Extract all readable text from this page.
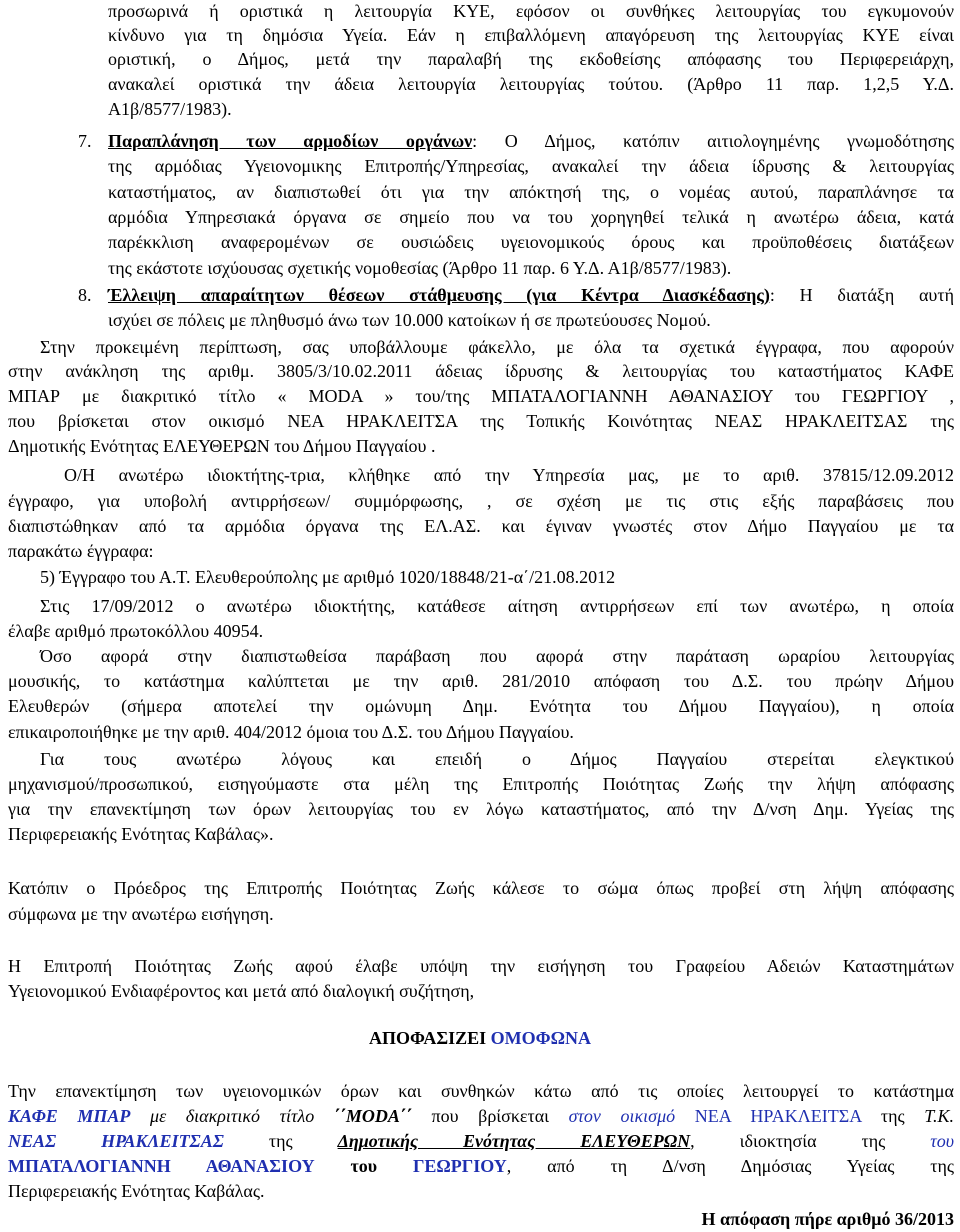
προσωρινά ή οριστικά η λειτουργία ΚΥΕ, εφόσον οι συνθήκες λειτουργίας του εγκυμονούν
κίνδυνο για τη δημόσια Υγεία. Εάν η επιβαλλόμενη απαγόρευση της λειτουργίας ΚΥΕ είναι
οριστική, ο Δήμος, μετά την παραλαβή της εκδοθείσης απόφασης του Περιφερειάρχη,
ανακαλεί οριστικά την άδεια λειτουργία λειτουργίας τούτου. (Άρθρο 11 παρ. 1,2,5 Υ.Δ.
Α1β/8577/1983).
7. Παραπλάνηση των αρμοδίων οργάνων: Ο Δήμος, κατόπιν αιτιολογημένης γνωμοδότησης
της αρμόδιας Υγειονομικης Επιτροπής/Υπηρεσίας, ανακαλεί την άδεια ίδρυσης & λειτουργίας
καταστήματος, αν διαπιστωθεί ότι για την απόκτησή της, ο νομέας αυτού, παραπλάνησε τα
αρμόδια Υπηρεσιακά όργανα σε σημείο που να του χορηγηθεί τελικά η ανωτέρω άδεια, κατά
παρέκκλιση αναφερομένων σε ουσιώδεις υγειονομικούς όρους και προϋποθέσεις διατάξεων
της εκάστοτε ισχύουσας σχετικής νομοθεσίας (Άρθρο 11 παρ. 6 Υ.Δ. Α1β/8577/1983).
8. Έλλειψη απαραίτητων θέσεων στάθμευσης (για Κέντρα Διασκέδασης): Η διατάξη αυτή
ισχύει σε πόλεις με πληθυσμό άνω των 10.000 κατοίκων ή σε πρωτεύουσες Νομού.
Στην προκειμένη περίπτωση, σας υποβάλλουμε φάκελλο, με όλα τα σχετικά έγγραφα, που αφορούν
στην ανάκληση της αριθμ. 3805/3/10.02.2011 άδειας ίδρυσης & λειτουργίας του καταστήματος ΚΑΦΕ
ΜΠΑΡ με διακριτικό τίτλο « MODA » του/της ΜΠΑΤΑΛΟΓΙΑΝΝΗ ΑΘΑΝΑΣΙΟΥ του ΓΕΩΡΓΙΟΥ ,
που βρίσκεται στον οικισμό ΝΕΑ ΗΡΑΚΛΕΙΤΣΑ της Τοπικής Κοινότητας ΝΕΑΣ ΗΡΑΚΛΕΙΤΣΑΣ της
Δημοτικής Ενότητας ΕΛΕΥΘΕΡΩΝ του Δήμου Παγγαίου .
Ο/Η ανωτέρω ιδιοκτήτης-τρια, κλήθηκε από την Υπηρεσία μας, με το αριθ. 37815/12.09.2012
έγγραφο, για υποβολή αντιρρήσεων/ συμμόρφωσης, , σε σχέση με τις στις εξής παραβάσεις που
διαπιστώθηκαν από τα αρμόδια όργανα της ΕΛ.ΑΣ. και έγιναν γνωστές στον Δήμο Παγγαίου με τα
παρακάτω έγγραφα:
5) Έγγραφο του Α.Τ. Ελευθερούπολης με αριθμό 1020/18848/21-α΄/21.08.2012
Στις 17/09/2012 ο ανωτέρω ιδιοκτήτης, κατάθεσε αίτηση αντιρρήσεων επί των ανωτέρω, η οποία
έλαβε αριθμό πρωτοκόλλου 40954.
Όσο αφορά στην διαπιστωθείσα παράβαση που αφορά στην παράταση ωραρίου λειτουργίας
μουσικής, το κατάστημα καλύπτεται με την αριθ. 281/2010 απόφαση του Δ.Σ. του πρώην Δήμου
Ελευθερών (σήμερα αποτελεί την ομώνυμη Δημ. Ενότητα του Δήμου Παγγαίου), η οποία
επικαιροποιήθηκε με την αριθ. 404/2012 όμοια του Δ.Σ. του Δήμου Παγγαίου.
Για τους ανωτέρω λόγους και επειδή ο Δήμος Παγγαίου στερείται ελεγκτικού
μηχανισμού/προσωπικού, εισηγούμαστε στα μέλη της Επιτροπής Ποιότητας Ζωής την λήψη απόφασης
για την επανεκτίμηση των όρων λειτουργίας του εν λόγω καταστήματος, από την Δ/νση Δημ. Υγείας της
Περιφερειακής Ενότητας Καβάλας».
Κατόπιν ο Πρόεδρος της Επιτροπής Ποιότητας Ζωής κάλεσε το σώμα όπως προβεί στη λήψη απόφασης
σύμφωνα με την ανωτέρω εισήγηση.
Η Επιτροπή Ποιότητας Ζωής αφού έλαβε υπόψη την εισήγηση του Γραφείου Αδειών Καταστημάτων
Υγειονομικού Ενδιαφέροντος και μετά από διαλογική συζήτηση,
ΑΠΟΦΑΣΙΖΕΙ ΟΜΟΦΩΝΑ
Την επανεκτίμηση των υγειονομικών όρων και συνθηκών κάτω από τις οποίες λειτουργεί το κατάστημα
ΚΑΦΕ ΜΠΑΡ με διακριτικό τίτλο ΄΄MODA΄΄ που βρίσκεται στον οικισμό ΝΕΑ ΗΡΑΚΛΕΙΤΣΑ της Τ.Κ.
ΝΕΑΣ ΗΡΑΚΛΕΙΤΣΑΣ της Δημοτικής Ενότητας ΕΛΕΥΘΕΡΩΝ, ιδιοκτησία της του
ΜΠΑΤΑΛΟΓΙΑΝΝΗ ΑΘΑΝΑΣΙΟΥ του ΓΕΩΡΓΙΟΥ, από τη Δ/νση Δημόσιας Υγείας της
Περιφερειακής Ενότητας Καβάλας.
Η απόφαση πήρε αριθμό 36/2013
